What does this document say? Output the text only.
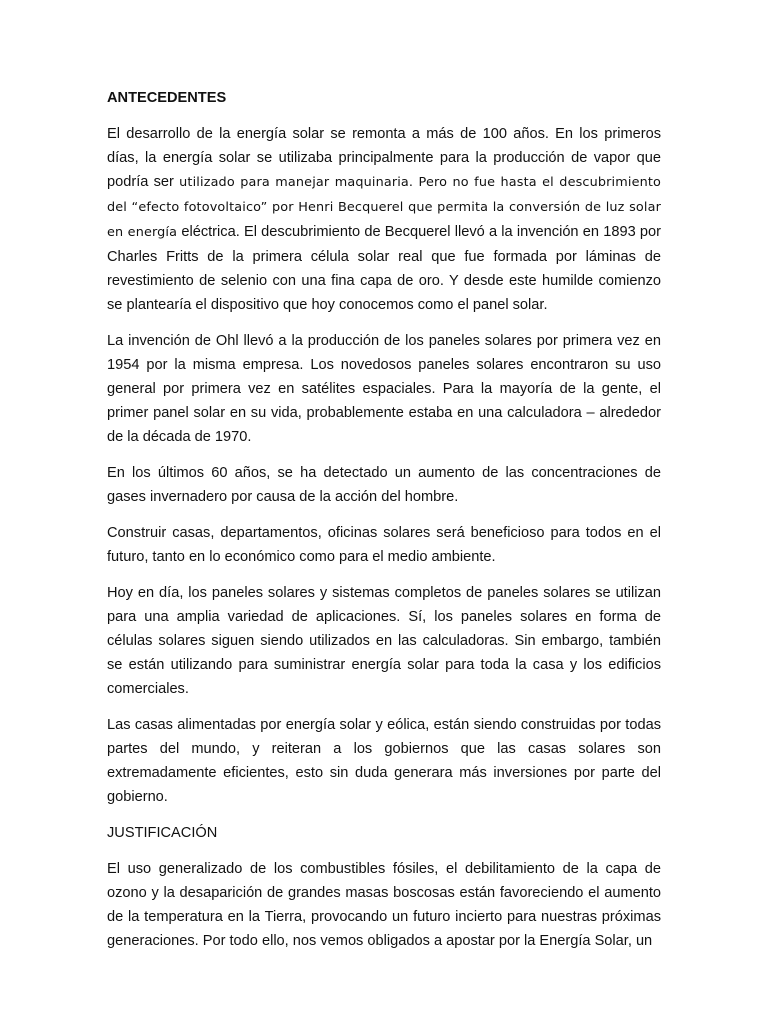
ANTECEDENTES

El desarrollo de la energía solar se remonta a más de 100 años. En los primeros días, la energía solar se utilizaba principalmente para la producción de vapor que podría ser utilizado para manejar maquinaria. Pero no fue hasta el descubrimiento del “efecto fotovoltaico” por Henri Becquerel que permita la conversión de luz solar en energía eléctrica. El descubrimiento de Becquerel llevó a la invención en 1893 por Charles Fritts de la primera célula solar real que fue formada por láminas de revestimiento de selenio con una fina capa de oro. Y desde este humilde comienzo se plantearía el dispositivo que hoy conocemos como el panel solar.

La invención de Ohl llevó a la producción de los paneles solares por primera vez en 1954 por la misma empresa. Los novedosos paneles solares encontraron su uso general por primera vez en satélites espaciales. Para la mayoría de la gente, el primer panel solar en su vida, probablemente estaba en una calculadora – alrededor de la década de 1970.

En los últimos 60 años, se ha detectado un aumento de las concentraciones de gases invernadero por causa de la acción del hombre.

Construir casas, departamentos, oficinas solares será beneficioso para todos en el futuro, tanto en lo económico como para el medio ambiente.

Hoy en día, los paneles solares y sistemas completos de paneles solares se utilizan para una amplia variedad de aplicaciones. Sí, los paneles solares en forma de células solares siguen siendo utilizados en las calculadoras. Sin embargo, también se están utilizando para suministrar energía solar para toda la casa y los edificios comerciales.

Las casas alimentadas por energía solar y eólica, están siendo construidas por todas partes del mundo, y reiteran a los gobiernos que las casas solares son extremadamente eficientes, esto sin duda generara más inversiones por parte del gobierno.

JUSTIFICACIÓN

El uso generalizado de los combustibles fósiles, el debilitamiento de la capa de ozono y la desaparición de grandes masas boscosas están favoreciendo el aumento de la temperatura en la Tierra, provocando un futuro incierto para nuestras próximas generaciones. Por todo ello, nos vemos obligados a apostar por la Energía Solar, un
